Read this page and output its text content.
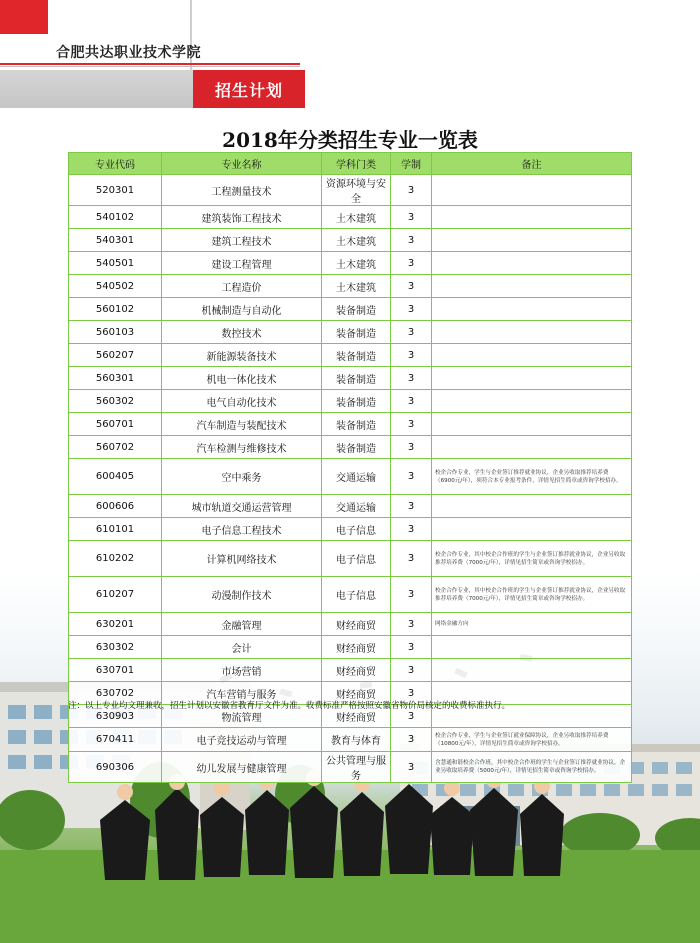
合肥共达职业技术学院
招生计划
2018年分类招生专业一览表
专业代码	专业名称	学科门类	学制	备注
520301	工程测量技术	资源环境与安全	3	
540102	建筑装饰工程技术	土木建筑	3	
540301	建筑工程技术	土木建筑	3	
540501	建设工程管理	土木建筑	3	
540502	工程造价	土木建筑	3	
560102	机械制造与自动化	装备制造	3	
560103	数控技术	装备制造	3	
560207	新能源装备技术	装备制造	3	
560301	机电一体化技术	装备制造	3	
560302	电气自动化技术	装备制造	3	
560701	汽车制造与装配技术	装备制造	3	
560702	汽车检测与维修技术	装备制造	3	
600405	空中乘务	交通运输	3	校企合作专业，学生与企业签订推荐就业协议，企业另收取推荐培养费（6900元/年），须符合本专业报考条件，详情见招生简章或咨询学校招办。
600606	城市轨道交通运营管理	交通运输	3	
610101	电子信息工程技术	电子信息	3	
610202	计算机网络技术	电子信息	3	校企合作专业，其中校企合作班的学生与企业签订推荐就业协议，企业另收取推荐培养费（7000元/年），详情见招生简章或咨询学校招办。
610207	动漫制作技术	电子信息	3	校企合作专业，其中校企合作班的学生与企业签订推荐就业协议，企业另收取推荐培养费（7000元/年），详情见招生简章或咨询学校招办。
630201	金融管理	财经商贸	3	网络金融方向
630302	会计	财经商贸	3	
630701	市场营销	财经商贸	3	
630702	汽车营销与服务	财经商贸	3	
630903	物流管理	财经商贸	3	
670411	电子竞技运动与管理	教育与体育	3	校企合作专业，学生与企业签订就业保障协议，企业另收取推荐培养费（10800元/年），详情见招生简章或咨询学校招办。
690306	幼儿发展与健康管理	公共管理与服务	3	含慧通和谐校企合作班，其中校企合作班的学生与企业签订推荐就业协议，企业另收取培养费（5000元/年），详情见招生简章或咨询学校招办。
注：以上专业均文理兼收，招生计划以安徽省教育厅文件为准。收费标准严格按照安徽省物价局核定的收费标准执行。
